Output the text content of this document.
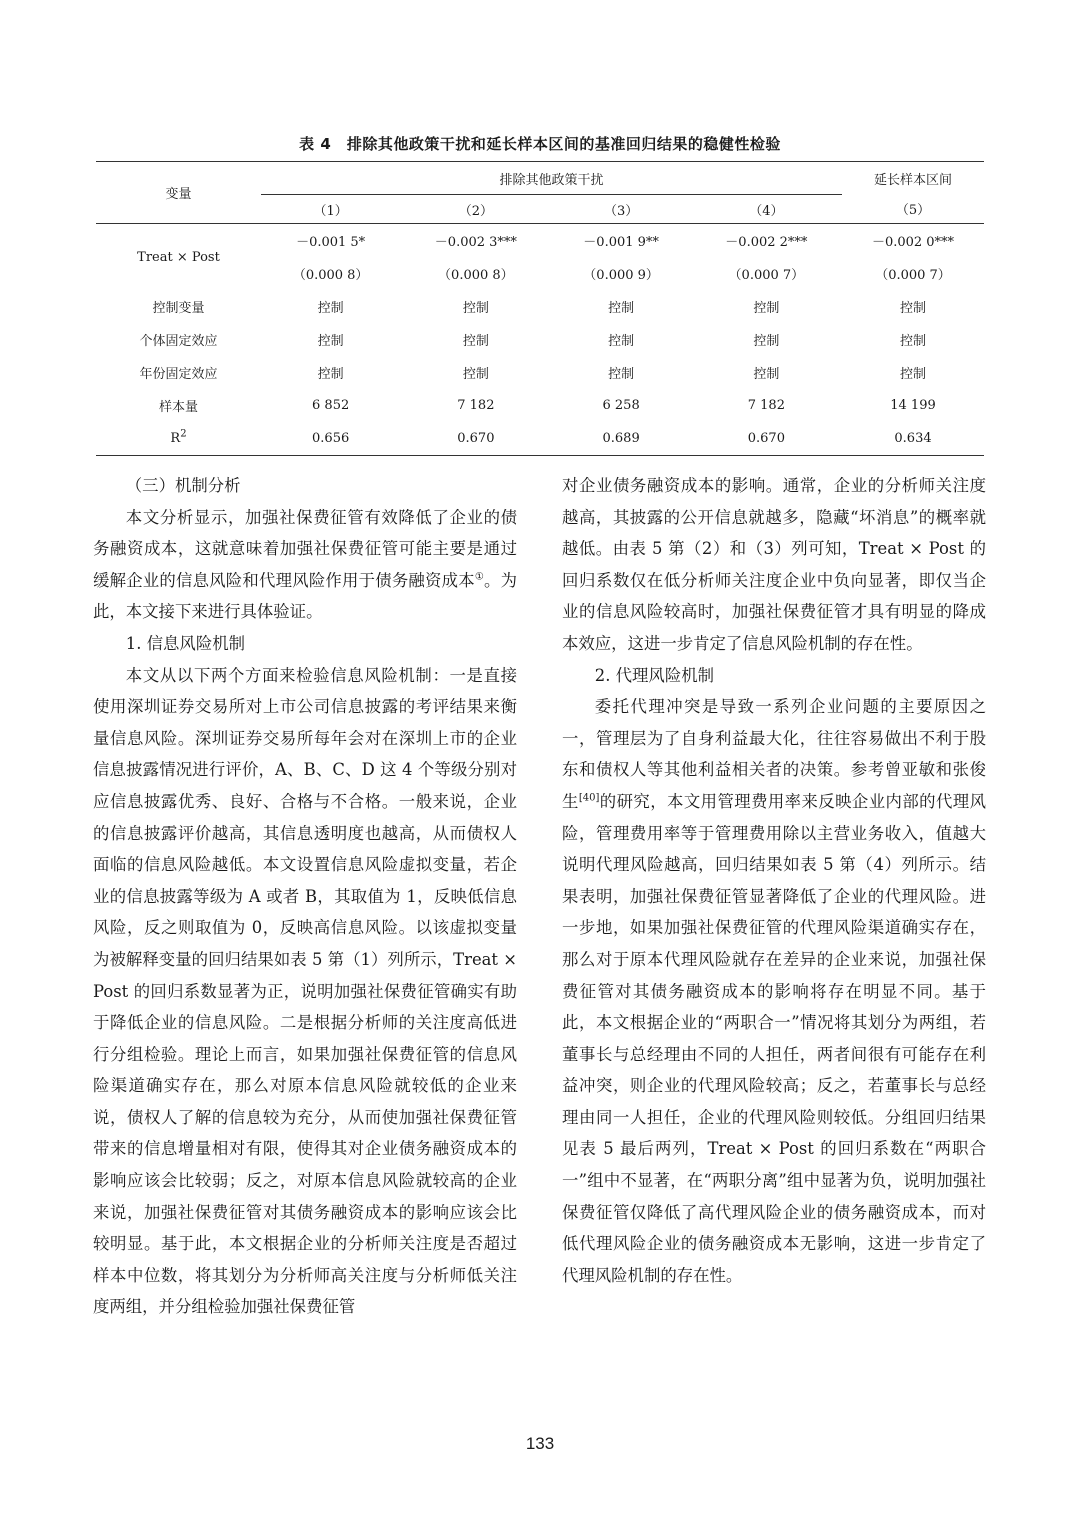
表 4　排除其他政策干扰和延长样本区间的基准回归结果的稳健性检验
变量	排除其他政策干扰				延长样本区间
	（1）	（2）	（3）	（4）	（5）
Treat × Post	－0.001 5*	－0.002 3***	－0.001 9**	－0.002 2***	－0.002 0***
	（0.000 8）	（0.000 8）	（0.000 9）	（0.000 7）	（0.000 7）
控制变量	控制	控制	控制	控制	控制
个体固定效应	控制	控制	控制	控制	控制
年份固定效应	控制	控制	控制	控制	控制
样本量	6 852	7 182	6 258	7 182	14 199
$R^2$	0.656	0.670	0.689	0.670	0.634

（三）机制分析

本文分析显示，加强社保费征管有效降低了企业的债务融资成本，这就意味着加强社保费征管可能主要是通过缓解企业的信息风险和代理风险作用于债务融资成本①。为此，本文接下来进行具体验证。

1. 信息风险机制

本文从以下两个方面来检验信息风险机制：一是直接使用深圳证券交易所对上市公司信息披露的考评结果来衡量信息风险。深圳证券交易所每年会对在深圳上市的企业信息披露情况进行评价，A、B、C、D 这 4 个等级分别对应信息披露优秀、良好、合格与不合格。一般来说，企业的信息披露评价越高，其信息透明度也越高，从而债权人面临的信息风险越低。本文设置信息风险虚拟变量，若企业的信息披露等级为 A 或者 B，其取值为 1，反映低信息风险，反之则取值为 0，反映高信息风险。以该虚拟变量为被解释变量的回归结果如表 5 第（1）列所示，Treat × Post 的回归系数显著为正，说明加强社保费征管确实有助于降低企业的信息风险。二是根据分析师的关注度高低进行分组检验。理论上而言，如果加强社保费征管的信息风险渠道确实存在，那么对原本信息风险就较低的企业来说，债权人了解的信息较为充分，从而使加强社保费征管带来的信息增量相对有限，使得其对企业债务融资成本的影响应该会比较弱；反之，对原本信息风险就较高的企业来说，加强社保费征管对其债务融资成本的影响应该会比较明显。基于此，本文根据企业的分析师关注度是否超过样本中位数，将其划分为分析师高关注度与分析师低关注度两组，并分组检验加强社保费征管

对企业债务融资成本的影响。通常，企业的分析师关注度越高，其披露的公开信息就越多，隐藏“坏消息”的概率就越低。由表 5 第（2）和（3）列可知，Treat × Post 的回归系数仅在低分析师关注度企业中负向显著，即仅当企业的信息风险较高时，加强社保费征管才具有明显的降成本效应，这进一步肯定了信息风险机制的存在性。

2. 代理风险机制

委托代理冲突是导致一系列企业问题的主要原因之一，管理层为了自身利益最大化，往往容易做出不利于股东和债权人等其他利益相关者的决策。参考曾亚敏和张俊生[40]的研究，本文用管理费用率来反映企业内部的代理风险，管理费用率等于管理费用除以主营业务收入，值越大说明代理风险越高，回归结果如表 5 第（4）列所示。结果表明，加强社保费征管显著降低了企业的代理风险。进一步地，如果加强社保费征管的代理风险渠道确实存在，那么对于原本代理风险就存在差异的企业来说，加强社保费征管对其债务融资成本的影响将存在明显不同。基于此，本文根据企业的“两职合一”情况将其划分为两组，若董事长与总经理由不同的人担任，两者间很有可能存在利益冲突，则企业的代理风险较高；反之，若董事长与总经理由同一人担任，企业的代理风险则较低。分组回归结果见表 5 最后两列，Treat × Post 的回归系数在“两职合一”组中不显著，在“两职分离”组中显著为负，说明加强社保费征管仅降低了高代理风险企业的债务融资成本，而对低代理风险企业的债务融资成本无影响，这进一步肯定了代理风险机制的存在性。

133
